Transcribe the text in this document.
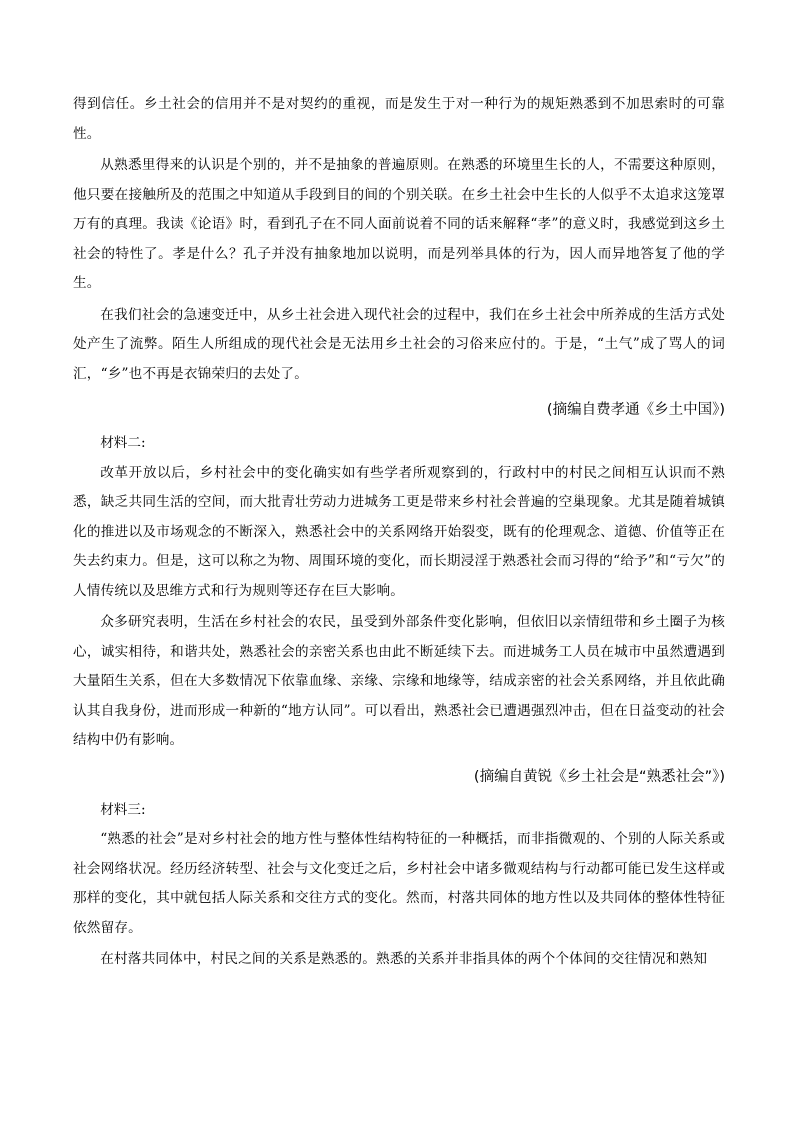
得到信任。乡土社会的信用并不是对契约的重视，而是发生于对一种行为的规矩熟悉到不加思索时的可靠性。

从熟悉里得来的认识是个别的，并不是抽象的普遍原则。在熟悉的环境里生长的人，不需要这种原则，他只要在接触所及的范围之中知道从手段到目的间的个别关联。在乡土社会中生长的人似乎不太追求这笼罩万有的真理。我读《论语》时，看到孔子在不同人面前说着不同的话来解释“孝”的意义时，我感觉到这乡土社会的特性了。孝是什么？孔子并没有抽象地加以说明，而是列举具体的行为，因人而异地答复了他的学生。

在我们社会的急速变迁中，从乡土社会进入现代社会的过程中，我们在乡土社会中所养成的生活方式处处产生了流弊。陌生人所组成的现代社会是无法用乡土社会的习俗来应付的。于是，“土气”成了骂人的词汇，“乡”也不再是衣锦荣归的去处了。

(摘编自费孝通《乡土中国》)

材料二:

改革开放以后，乡村社会中的变化确实如有些学者所观察到的，行政村中的村民之间相互认识而不熟悉，缺乏共同生活的空间，而大批青壮劳动力进城务工更是带来乡村社会普遍的空巢现象。尤其是随着城镇化的推进以及市场观念的不断深入，熟悉社会中的关系网络开始裂变，既有的伦理观念、道德、价值等正在失去约束力。但是，这可以称之为物、周围环境的变化，而长期浸淫于熟悉社会而习得的“给予”和“亏欠”的人情传统以及思维方式和行为规则等还存在巨大影响。

众多研究表明，生活在乡村社会的农民，虽受到外部条件变化影响，但依旧以亲情纽带和乡土圈子为核心，诚实相待，和谐共处，熟悉社会的亲密关系也由此不断延续下去。而进城务工人员在城市中虽然遭遇到大量陌生关系，但在大多数情况下依靠血缘、亲缘、宗缘和地缘等，结成亲密的社会关系网络，并且依此确认其自我身份，进而形成一种新的“地方认同”。可以看出，熟悉社会已遭遇强烈冲击，但在日益变动的社会结构中仍有影响。

(摘编自黄锐《乡土社会是“熟悉社会”》)

材料三:

“熟悉的社会”是对乡村社会的地方性与整体性结构特征的一种概括，而非指微观的、个别的人际关系或社会网络状况。经历经济转型、社会与文化变迁之后，乡村社会中诸多微观结构与行动都可能已发生这样或那样的变化，其中就包括人际关系和交往方式的变化。然而，村落共同体的地方性以及共同体的整体性特征依然留存。

在村落共同体中，村民之间的关系是熟悉的。熟悉的关系并非指具体的两个个体间的交往情况和熟知
